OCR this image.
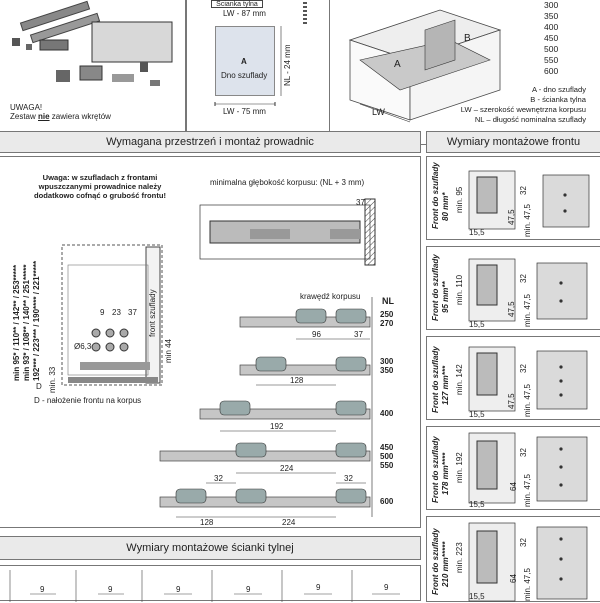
UWAGA!
Zestaw nie zawiera wkrętów
Ścianka tylna
LW - 87 mm
A
Dno szuflady NL - 24 mm
LW - 75 mm
A
B
LW
300
350
400
450
500
550
600
A - dno szuflady
B - ścianka tylna
LW – szerokość wewnętrzna korpusu
NL – długość nominalna szuflady
Wymagana przestrzeń i montaż prowadnic	Wymiary montażowe frontu
Uwaga: w szufladach z frontami
wpuszczanymi prowadnice należy
dodatkowo cofnąć o grubość frontu!
minimalna głębokość korpusu: (NL + 3 mm)
37
krawędź korpusu NL
250
270
300
350
400
450
500
550
600
96	37
128
192
224
32	32
128	224
9 23 37
Ø6,3
min 95* / 110** / 142** / 253***** min 93* / 108** / 140** / 251***** 192*** / 223*** / 190**** / 221*****	front szuflady
min 44
min. 33
D
D - nałożenie frontu na korpus
Front do szuflady 80 mm* min. 95	32
47,5
15,5	min. 47,5
Front do szuflady 95 mm** min. 110	32
47,5
15,5	min. 47,5
Front do szuflady 127 mm*** min. 142	32
47,5
15,5	min. 47,5
Front do szuflady 178 mm**** min. 192	32
64
15,5	min. 47,5
Front do szuflady 210 mm***** min. 223	32
64
15,5	min. 47,5
Wymiary montażowe ścianki tylnej
9	9	9	9	9	9
